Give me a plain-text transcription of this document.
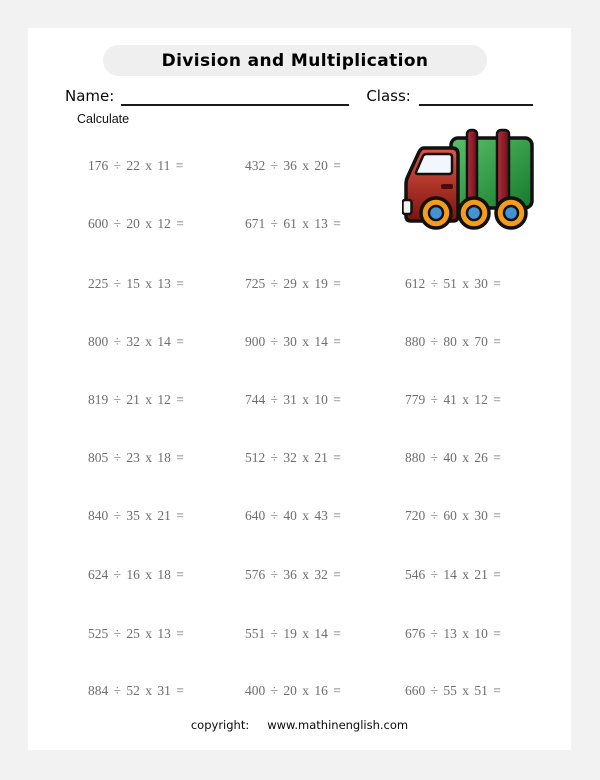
Division and Multiplication
Name:	Class:
Calculate
176 ÷ 22 x 11 =	432 ÷ 36 x 20 =
600 ÷ 20 x 12 =	671 ÷ 61 x 13 =
225 ÷ 15 x 13 =	725 ÷ 29 x 19 =	612 ÷ 51 x 30 =
800 ÷ 32 x 14 =	900 ÷ 30 x 14 =	880 ÷ 80 x 70 =
819 ÷ 21 x 12 =	744 ÷ 31 x 10 =	779 ÷ 41 x 12 =
805 ÷ 23 x 18 =	512 ÷ 32 x 21 =	880 ÷ 40 x 26 =
840 ÷ 35 x 21 =	640 ÷ 40 x 43 =	720 ÷ 60 x 30 =
624 ÷ 16 x 18 =	576 ÷ 36 x 32 =	546 ÷ 14 x 21 =
525 ÷ 25 x 13 =	551 ÷ 19 x 14 =	676 ÷ 13 x 10 =
884 ÷ 52 x 31 =	400 ÷ 20 x 16 =	660 ÷ 55 x 51 =
copyright: www.mathinenglish.com
